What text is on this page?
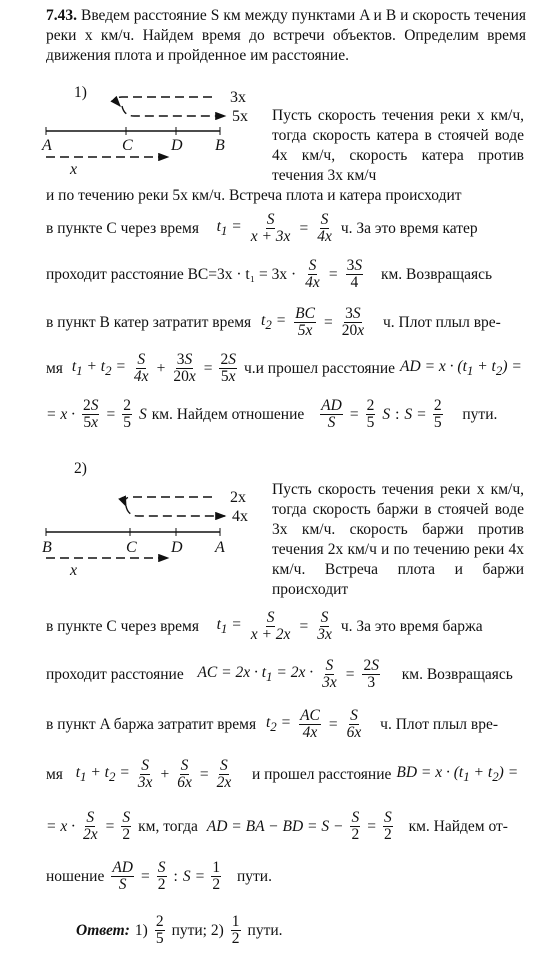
7.43. Введем расстояние S км между пунктами A и B и скорость течения реки x км/ч. Найдем время до встречи объектов. Определим время движения плота и пройденное им расстояние.
1)	3x
5x
A	C D B
x
Пусть скорость течения реки x км/ч, тогда скорость катера в стоячей воде 4x км/ч, скорость катера против течения 3x км/ч
и по течению реки 5x км/ч. Встреча плота и катера происходит
в пункте C через время $t_1 = \frac{S}{x + 3x} = \frac{S}{4x} ч$. За это время катер
проходит расстояние $BC=3x \cdot t_1 = 3x \cdot \frac{S}{4x} = \frac{3S}{4}$
км. Возвращаясь
в пункт B катер затратит время $t_2 = \frac{BC}{5x} = \frac{3S}{20x}$
ч. Плот плыл вре-
мя $t_1 + t_2 = \frac{S}{4x} + \frac{3S}{20x} = \frac{2S}{5x} ч.и$ прошел расстояние AD = $x \cdot (t_1 + t_2)$ =
= $x \cdot \frac{2S}{5x} = \frac{2}{5}$ S км. Найдем отношение
$\frac{AD}{S} = \frac{2}{5}$ S : $S = \frac{2}{5}$
пути.
2)
2x
4x
B	C D A
x
Пусть скорость течения реки x км/ч, тогда скорость баржи в стоячей воде 3x км/ч. скорость баржи против течения 2x км/ч и по течению реки 4x км/ч. Встреча плота и баржи происходит
в пункте C через время $t_1 = \frac{S}{x + 2x} = \frac{S}{3x} ч$. За это время баржа
проходит расстояние AC = $2x \cdot t_1 = 2x \cdot \frac{S}{3x} = \frac{2S}{3}$
км. Возвращаясь
в пункт A баржа затратит время $t_2 = \frac{AC}{4x} = \frac{S}{6x}$
ч. Плот плыл вре-
мя $t_1 + t_2 = \frac{S}{3x} + \frac{S}{6x} = \frac{S}{2x}$
и прошел расстояние BD = $x \cdot (t_1 + t_2)$ =
= $x \cdot \frac{S}{2x} = \frac{S}{2}$ км, тогда AD = BA − BD = $S - \frac{S}{2} = \frac{S}{2}$
км. Найдем от-
ношение $\frac{AD}{S} = \frac{S}{2}$ : $S = \frac{1}{2}$
пути.
Ответ: $1) \frac{2}{5}$ пути; $2) \frac{1}{2}$ пути.
